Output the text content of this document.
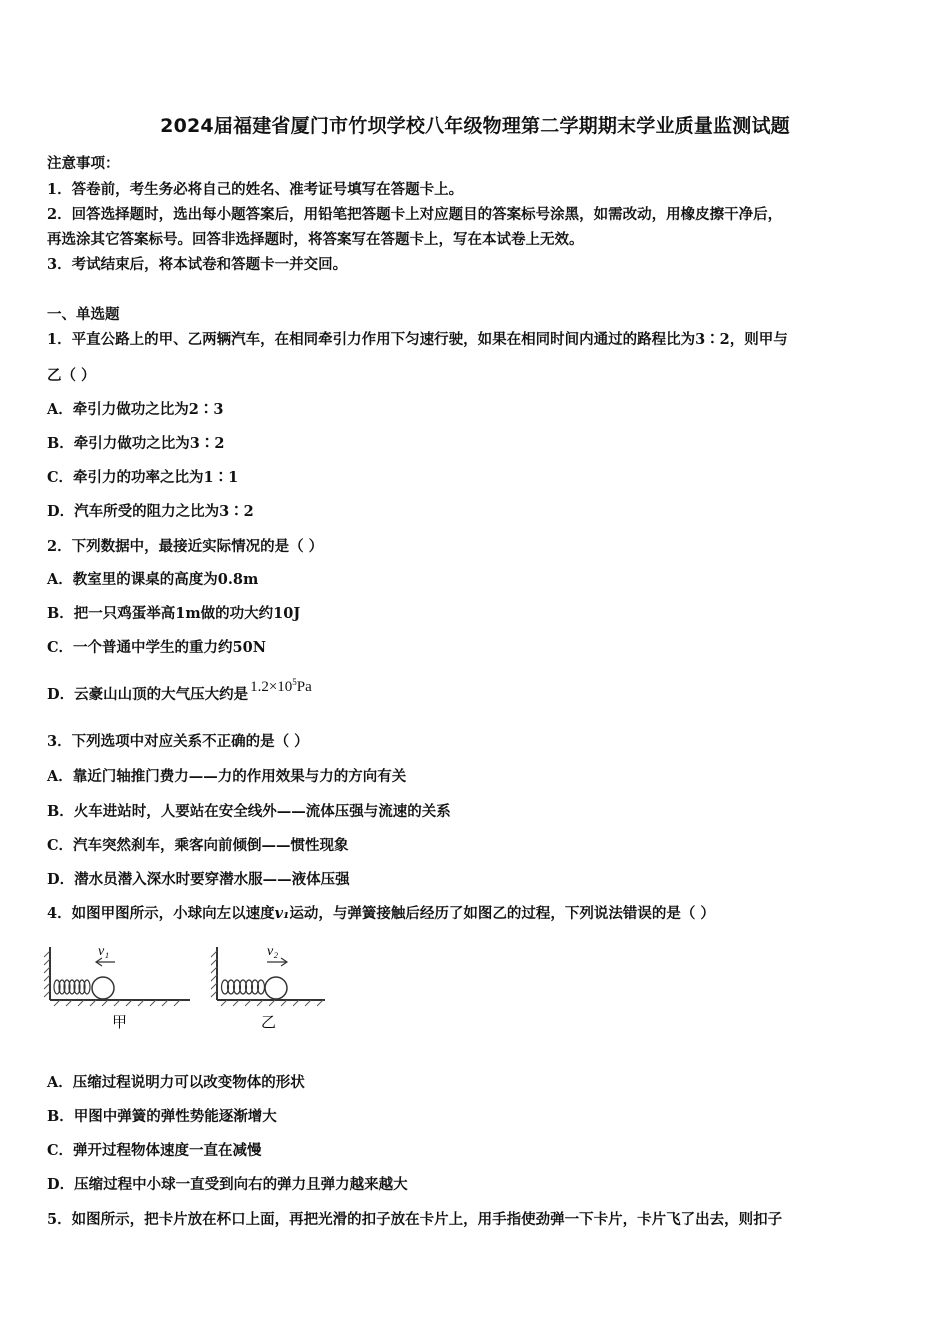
2024届福建省厦门市竹坝学校八年级物理第二学期期末学业质量监测试题
注意事项：
1．答卷前，考生务必将自己的姓名、准考证号填写在答题卡上。
2．回答选择题时，选出每小题答案后，用铅笔把答题卡上对应题目的答案标号涂黑，如需改动，用橡皮擦干净后，
再选涂其它答案标号。回答非选择题时，将答案写在答题卡上，写在本试卷上无效。
3．考试结束后，将本试卷和答题卡一并交回。
一、单选题
1．平直公路上的甲、乙两辆汽车，在相同牵引力作用下匀速行驶，如果在相同时间内通过的路程比为3∶2，则甲与
乙（ ）
A．牵引力做功之比为2∶3
B．牵引力做功之比为3∶2
C．牵引力的功率之比为1∶1
D．汽车所受的阻力之比为3∶2
2．下列数据中，最接近实际情况的是（ ）
A．教室里的课桌的高度为0.8m
B．把一只鸡蛋举高1m做的功大约10J
C．一个普通中学生的重力约50N
D．云豪山山顶的大气压大约是 $1.2\times 10^5Pa$
3．下列选项中对应关系不正确的是（ ）
A．靠近门轴推门费力——力的作用效果与力的方向有关
B．火车进站时，人要站在安全线外——流体压强与流速的关系
C．汽车突然刹车，乘客向前倾倒——惯性现象
D．潜水员潜入深水时要穿潜水服——液体压强
4．如图甲图所示，小球向左以速度v₁运动，与弹簧接触后经历了如图乙的过程，下列说法错误的是（ ）
v₁
甲
v₂
乙
A．压缩过程说明力可以改变物体的形状
B．甲图中弹簧的弹性势能逐渐增大
C．弹开过程物体速度一直在减慢
D．压缩过程中小球一直受到向右的弹力且弹力越来越大
5．如图所示，把卡片放在杯口上面，再把光滑的扣子放在卡片上，用手指使劲弹一下卡片，卡片飞了出去，则扣子
